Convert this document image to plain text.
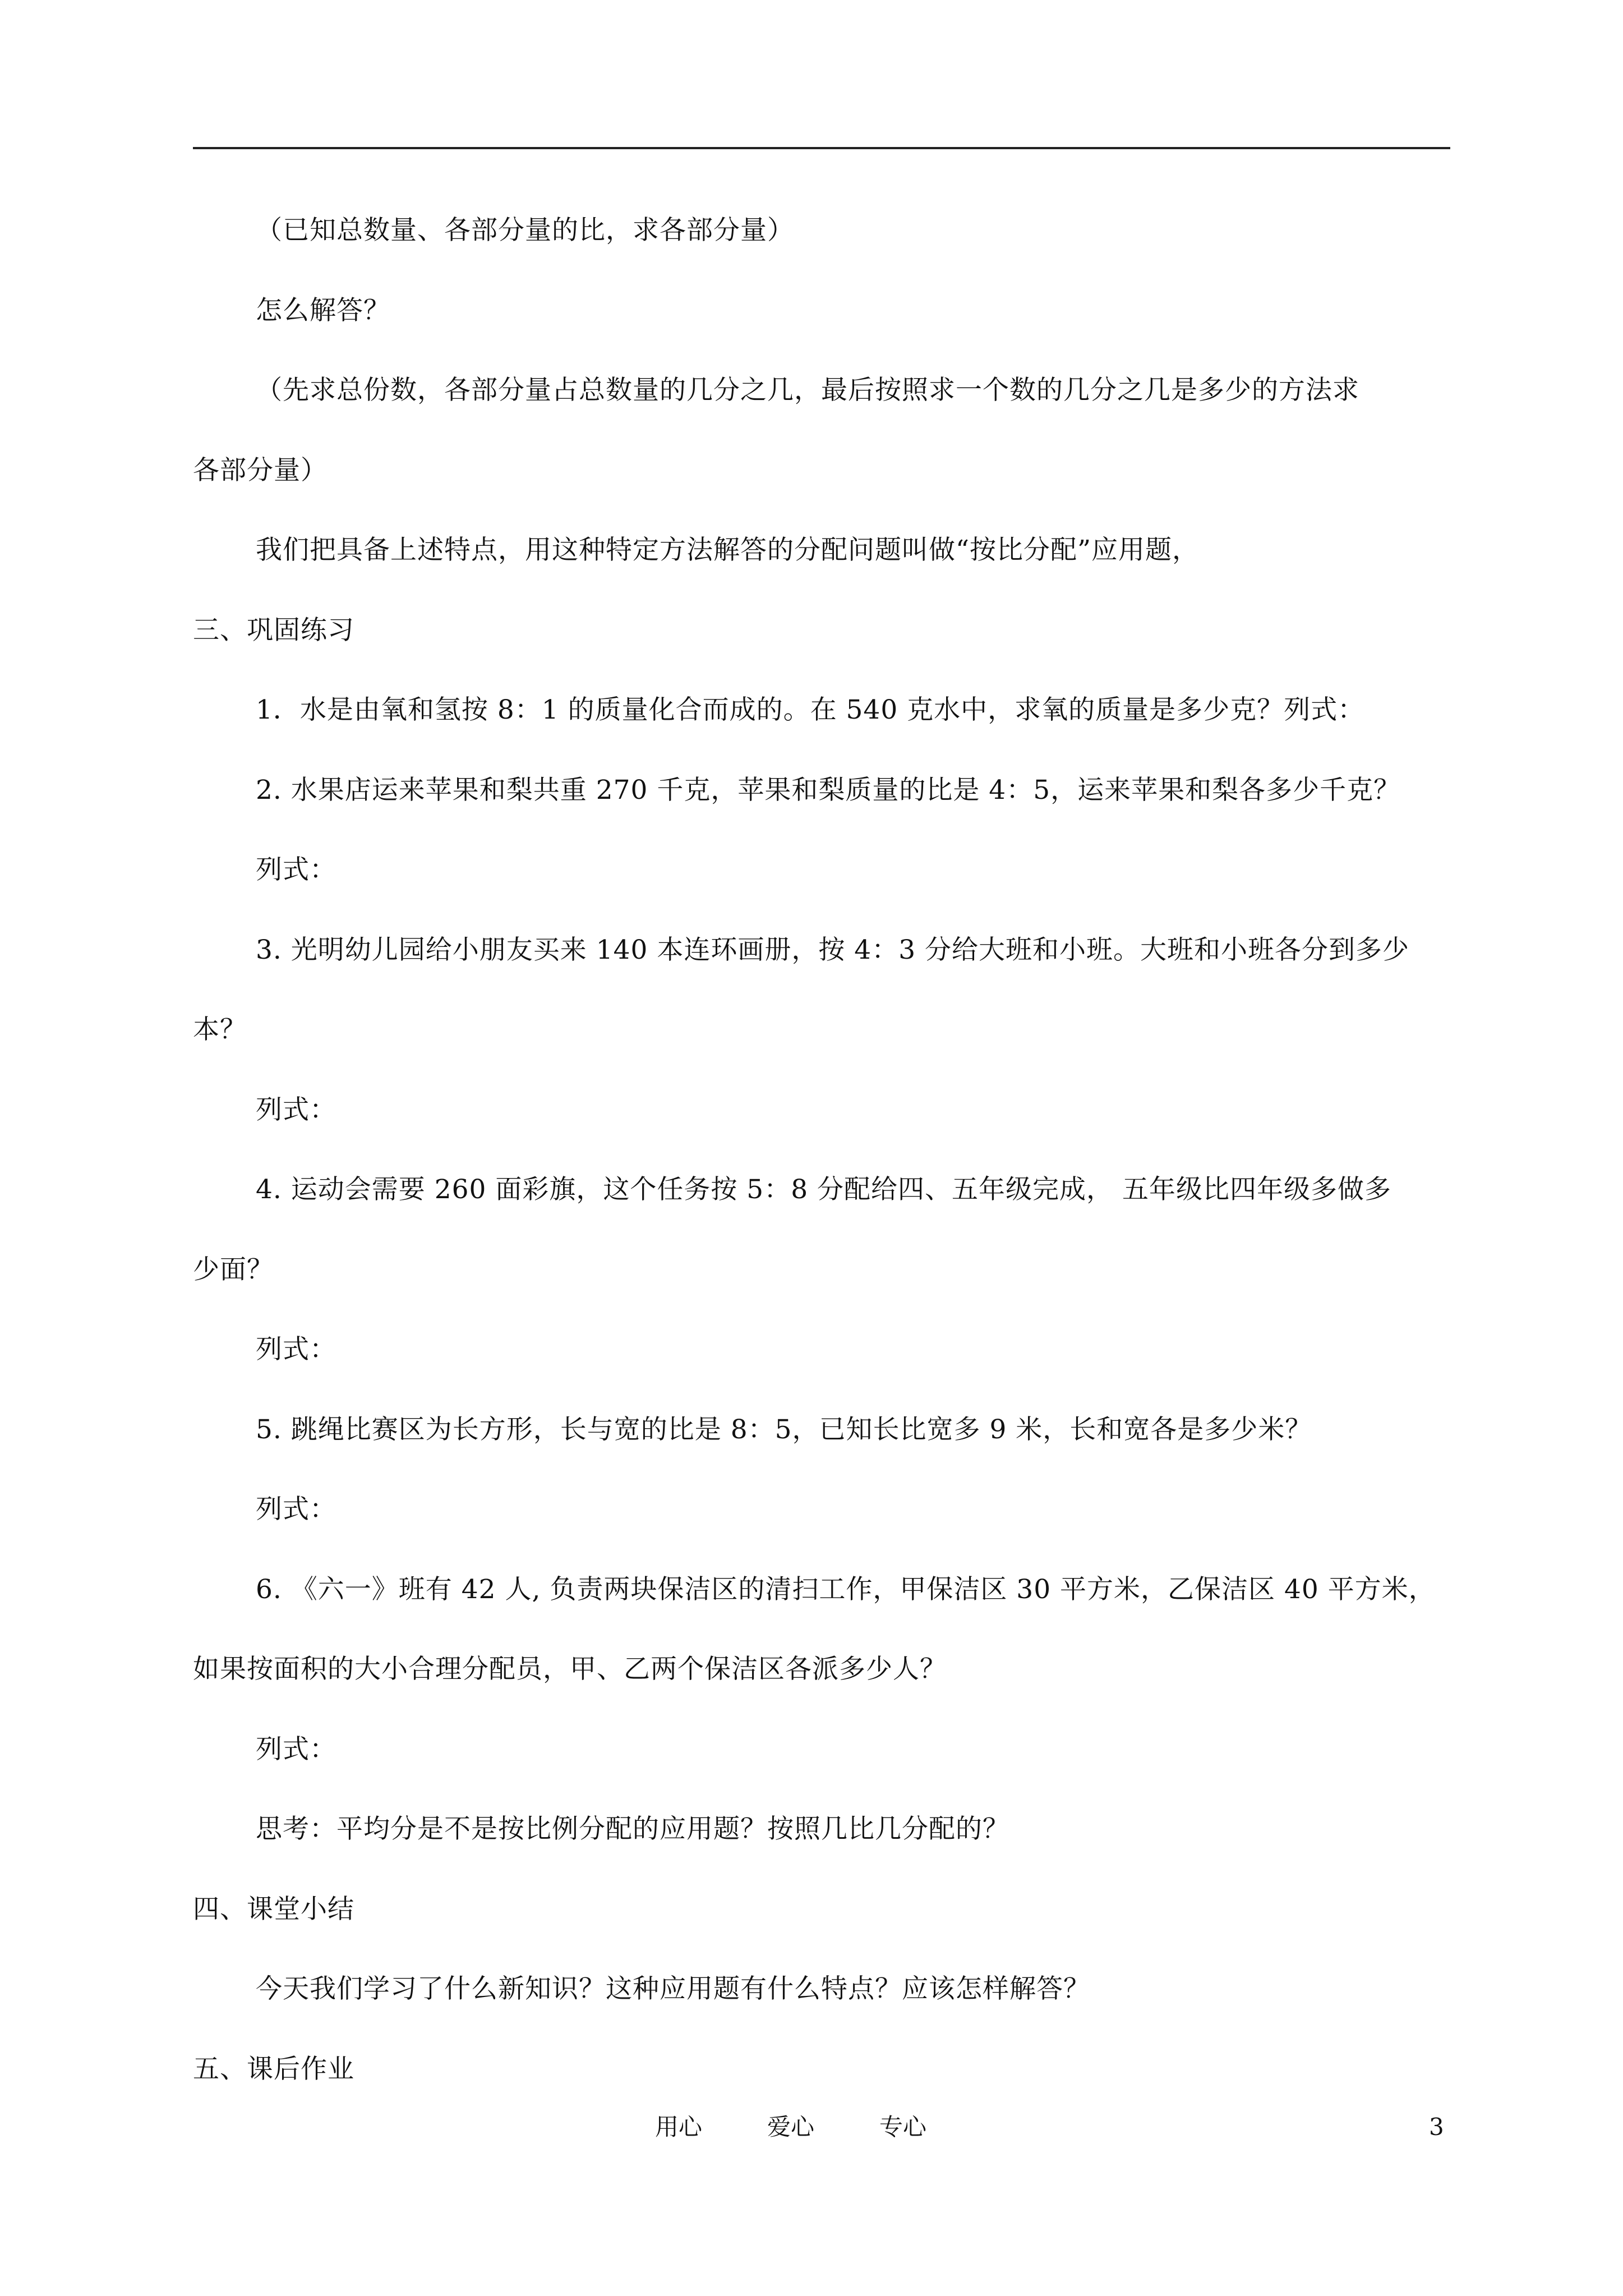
（已知总数量、各部分量的比，求各部分量）
怎么解答？
（先求总份数，各部分量占总数量的几分之几，最后按照求一个数的几分之几是多少的方法求
各部分量）
我们把具备上述特点，用这种特定方法解答的分配问题叫做“按比分配”应用题，
三、巩固练习
1．水是由氧和氢按 8：1 的质量化合而成的。在 540 克水中，求氧的质量是多少克？列式：
2. 水果店运来苹果和梨共重 270 千克，苹果和梨质量的比是 4：5，运来苹果和梨各多少千克？
列式：
3. 光明幼儿园给小朋友买来 140 本连环画册，按 4：3 分给大班和小班。大班和小班各分到多少
本？
列式：
4. 运动会需要 260 面彩旗，这个任务按 5：8 分配给四、五年级完成， 五年级比四年级多做多
少面？
列式：
5. 跳绳比赛区为长方形，长与宽的比是 8：5，已知长比宽多 9 米，长和宽各是多少米？
列式：
6. 《六一》班有 42 人, 负责两块保洁区的清扫工作，甲保洁区 30 平方米，乙保洁区 40 平方米，
如果按面积的大小合理分配员，甲、乙两个保洁区各派多少人？
列式：
思考：平均分是不是按比例分配的应用题？按照几比几分配的？
四、课堂小结
今天我们学习了什么新知识？这种应用题有什么特点？应该怎样解答？
五、课后作业
用心	爱心	专心	3
